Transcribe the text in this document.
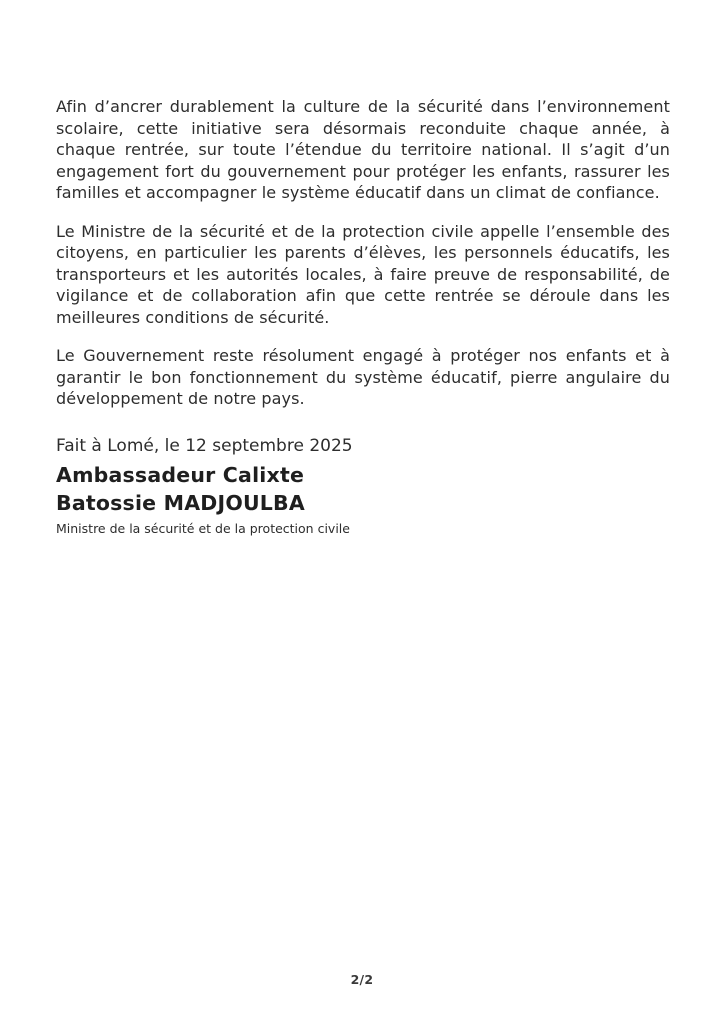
Afin d’ancrer durablement la culture de la sécurité dans l’environnement scolaire, cette initiative sera désormais reconduite chaque année, à chaque rentrée, sur toute l’étendue du territoire national. Il s’agit d’un engagement fort du gouvernement pour protéger les enfants, rassurer les familles et accompagner le système éducatif dans un climat de confiance.

Le Ministre de la sécurité et de la protection civile appelle l’ensemble des citoyens, en particulier les parents d’élèves, les personnels éducatifs, les transporteurs et les autorités locales, à faire preuve de responsabilité, de vigilance et de collaboration afin que cette rentrée se déroule dans les meilleures conditions de sécurité.

Le Gouvernement reste résolument engagé à protéger nos enfants et à garantir le bon fonctionnement du système éducatif, pierre angulaire du développement de notre pays.

Fait à Lomé, le 12 septembre 2025

Ambassadeur Calixte
Batossie MADJOULBA

Ministre de la sécurité et de la protection civile

2/2
